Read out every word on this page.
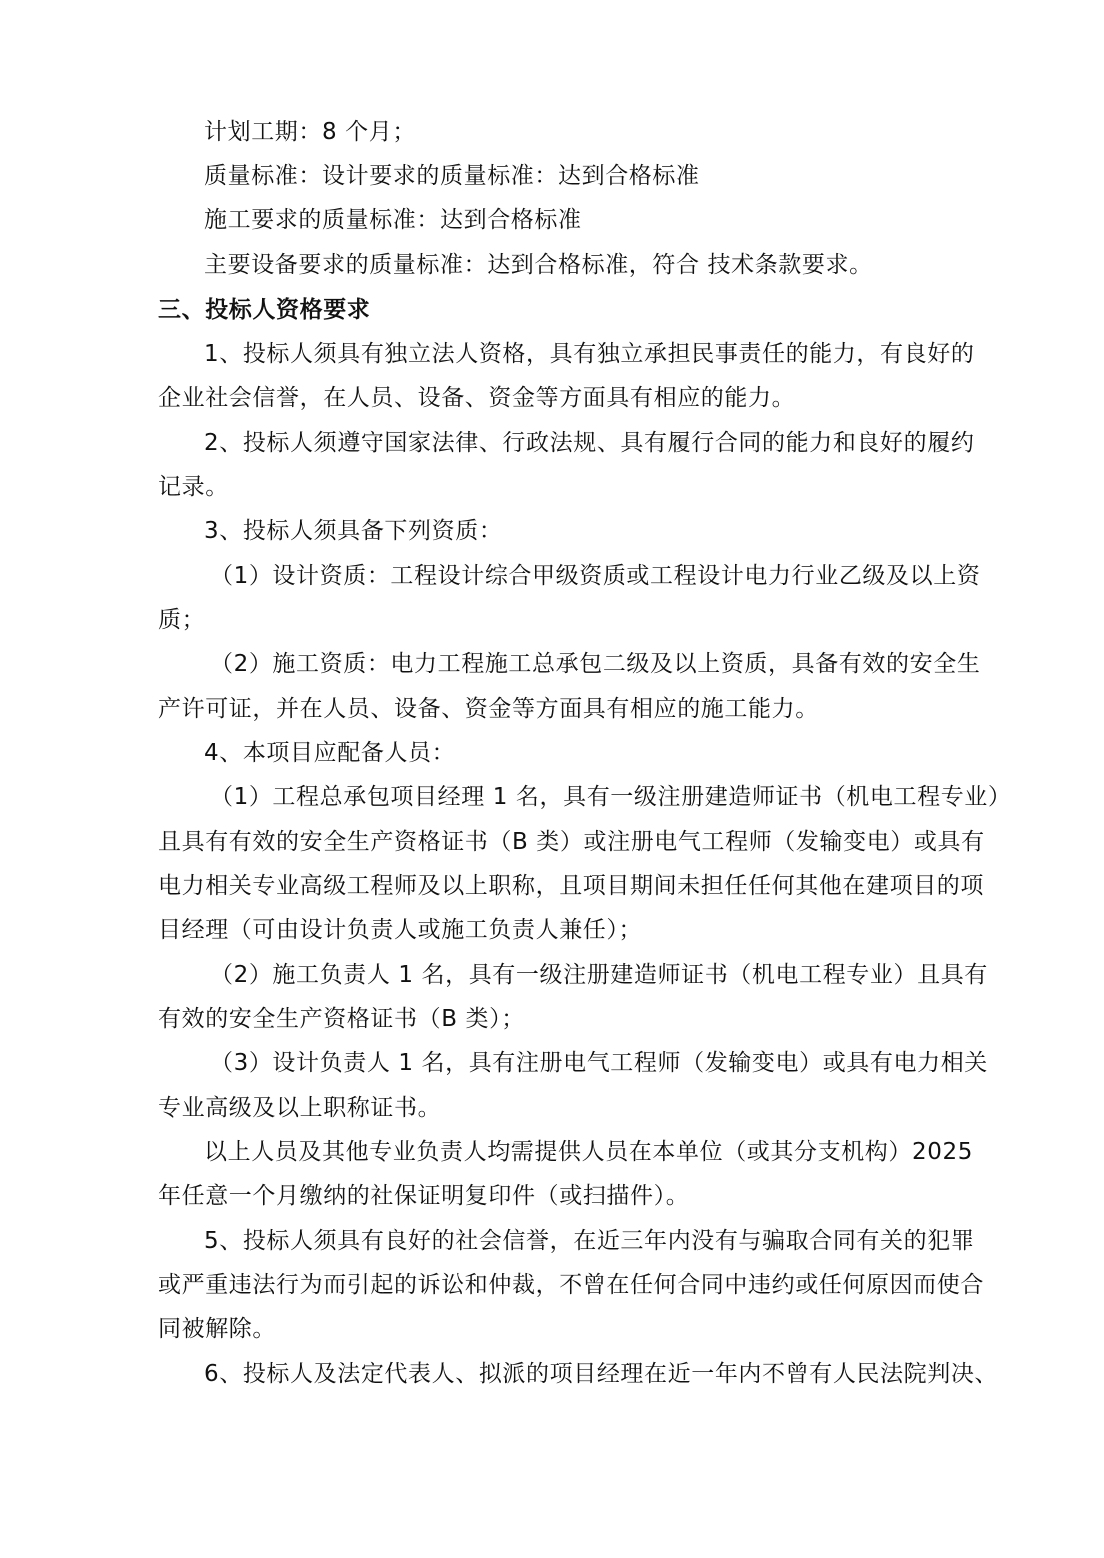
计划工期：8 个月；
质量标准：设计要求的质量标准：达到合格标准
施工要求的质量标准：达到合格标准
主要设备要求的质量标准：达到合格标准，符合 技术条款要求。
三、投标人资格要求
1、投标人须具有独立法人资格，具有独立承担民事责任的能力，有良好的
企业社会信誉，在人员、设备、资金等方面具有相应的能力。
2、投标人须遵守国家法律、行政法规、具有履行合同的能力和良好的履约
记录。
3、投标人须具备下列资质：
（1）设计资质：工程设计综合甲级资质或工程设计电力行业乙级及以上资
质；
（2）施工资质：电力工程施工总承包二级及以上资质，具备有效的安全生
产许可证，并在人员、设备、资金等方面具有相应的施工能力。
4、本项目应配备人员：
（1）工程总承包项目经理 1 名，具有一级注册建造师证书（机电工程专业）
且具有有效的安全生产资格证书（B 类）或注册电气工程师（发输变电）或具有
电力相关专业高级工程师及以上职称，且项目期间未担任任何其他在建项目的项
目经理（可由设计负责人或施工负责人兼任）；
（2）施工负责人 1 名，具有一级注册建造师证书（机电工程专业）且具有
有效的安全生产资格证书（B 类）；
（3）设计负责人 1 名，具有注册电气工程师（发输变电）或具有电力相关
专业高级及以上职称证书。
以上人员及其他专业负责人均需提供人员在本单位（或其分支机构）2025
年任意一个月缴纳的社保证明复印件（或扫描件）。
5、投标人须具有良好的社会信誉，在近三年内没有与骗取合同有关的犯罪
或严重违法行为而引起的诉讼和仲裁，不曾在任何合同中违约或任何原因而使合
同被解除。
6、投标人及法定代表人、拟派的项目经理在近一年内不曾有人民法院判决、
